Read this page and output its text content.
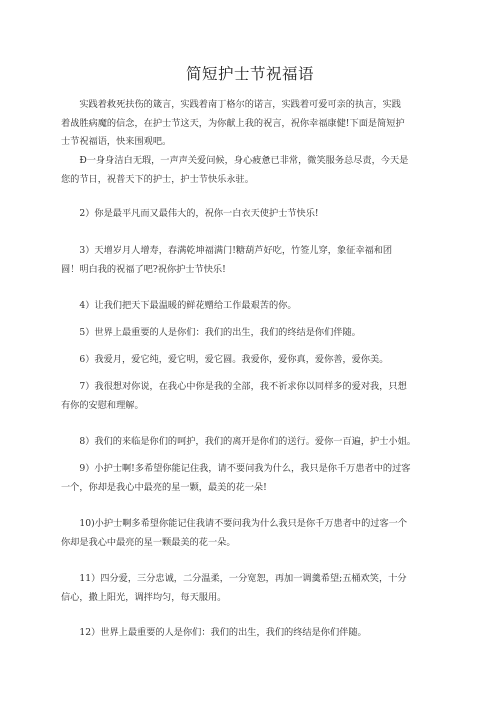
简短护士节祝福语
　　实践着救死扶伤的箴言，实践着南丁格尔的诺言，实践着可爱可亲的执言，实践
着战胜病魔的信念，在护士节这天，为你献上我的祝言，祝你幸福康健!下面是简短护
士节祝福语，快来围观吧。
　　Ð一身身洁白无瑕，一声声关爱问候，身心疲惫已非常，微笑服务总尽责，今天是
您的节日，祝普天下的护士，护士节快乐永驻。
　　2）你是最平凡而又最伟大的，祝你一白衣天使护士节快乐!
　　3）天增岁月人增寿，春满乾坤福满门!糖葫芦好吃，竹签儿穿，象征幸福和团
圆！明白我的祝福了吧?祝你护士节快乐!
　　4）让我们把天下最温暖的鲜花赠给工作最艰苦的你。
　　5）世界上最重要的人是你们：我们的出生，我们的终结是你们伴随。
　　6）我爱月，爱它纯，爱它明，爱它圆。我爱你，爱你真，爱你善，爱你美。
　　7）我很想对你说，在我心中你是我的全部，我不祈求你以同样多的爱对我，只想
有你的安慰和理解。
　　8）我们的来临是你们的呵护，我们的离开是你们的送行。爱你一百遍，护士小姐。
　　9）小护士啊!多希望你能记住我，请不要问我为什么，我只是你千万患者中的过客
一个，你却是我心中最亮的星一颗，最美的花一朵!
　　10)小护士啊多希望你能记住我请不要问我为什么我只是你千万患者中的过客一个
你却是我心中最亮的星一颗最美的花一朵。
　　11）四分爱，三分忠诚，二分温柔，一分宽恕，再加一调羹希望;五桶欢笑，十分
信心，撒上阳光，调拌均匀，每天服用。
　　12）世界上最重要的人是你们：我们的出生，我们的终结是你们伴随。
